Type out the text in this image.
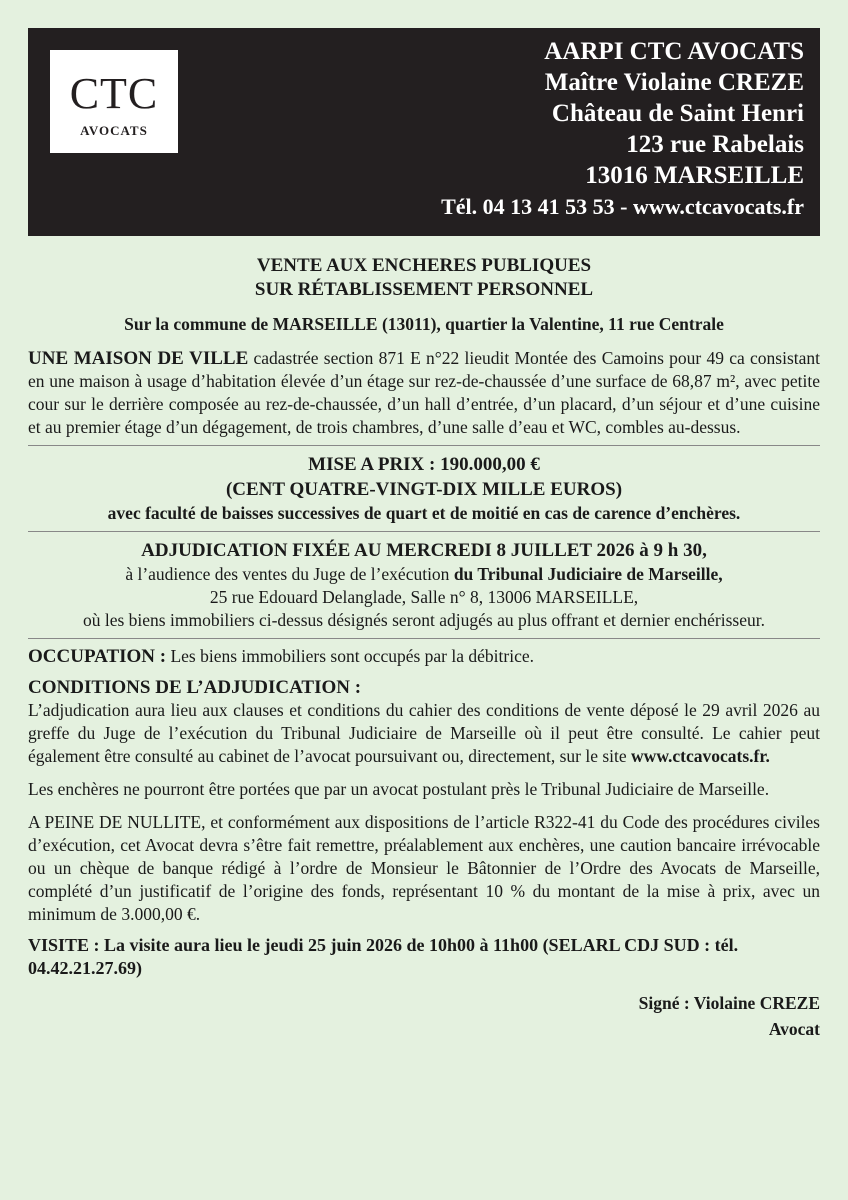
CTC
AVOCATS
AARPI CTC AVOCATS
Maître Violaine CREZE
Château de Saint Henri
123 rue Rabelais
13016 MARSEILLE
Tél. 04 13 41 53 53 - www.ctcavocats.fr
VENTE AUX ENCHERES PUBLIQUES
SUR RÉTABLISSEMENT PERSONNEL
Sur la commune de MARSEILLE (13011), quartier la Valentine, 11 rue Centrale

UNE MAISON DE VILLE cadastrée section 871 E n°22 lieudit Montée des Camoins pour 49 ca consistant en une maison à usage d’habitation élevée d’un étage sur rez-de-chaussée d’une surface de 68,87 m², avec petite cour sur le derrière composée au rez-de-chaussée, d’un hall d’entrée, d’un placard, d’un séjour et d’une cuisine et au premier étage d’un dégagement, de trois chambres, d’une salle d’eau et WC, combles au-dessus.

MISE A PRIX : 190.000,00 €
(CENT QUATRE-VINGT-DIX MILLE EUROS)
avec faculté de baisses successives de quart et de moitié en cas de carence d’enchères.
ADJUDICATION FIXÉE AU MERCREDI 8 JUILLET 2026 à 9 h 30,
à l’audience des ventes du Juge de l’exécution du Tribunal Judiciaire de Marseille,
25 rue Edouard Delanglade, Salle n° 8, 13006 MARSEILLE,
où les biens immobiliers ci-dessus désignés seront adjugés au plus offrant et dernier enchérisseur.

OCCUPATION : Les biens immobiliers sont occupés par la débitrice.

CONDITIONS DE L’ADJUDICATION :

L’adjudication aura lieu aux clauses et conditions du cahier des conditions de vente déposé le 29 avril 2026 au greffe du Juge de l’exécution du Tribunal Judiciaire de Marseille où il peut être consulté. Le cahier peut également être consulté au cabinet de l’avocat poursuivant ou, directement, sur le site www.ctcavocats.fr.

Les enchères ne pourront être portées que par un avocat postulant près le Tribunal Judiciaire de Marseille.

A PEINE DE NULLITE, et conformément aux dispositions de l’article R322-41 du Code des procédures civiles d’exécution, cet Avocat devra s’être fait remettre, préalablement aux enchères, une caution bancaire irrévocable ou un chèque de banque rédigé à l’ordre de Monsieur le Bâtonnier de l’Ordre des Avocats de Marseille, complété d’un justificatif de l’origine des fonds, représentant 10 % du montant de la mise à prix, avec un minimum de 3.000,00 €.

VISITE : La visite aura lieu le jeudi 25 juin 2026 de 10h00 à 11h00 (SELARL CDJ SUD : tél. 04.42.21.27.69)

Signé : Violaine CREZE
Avocat
